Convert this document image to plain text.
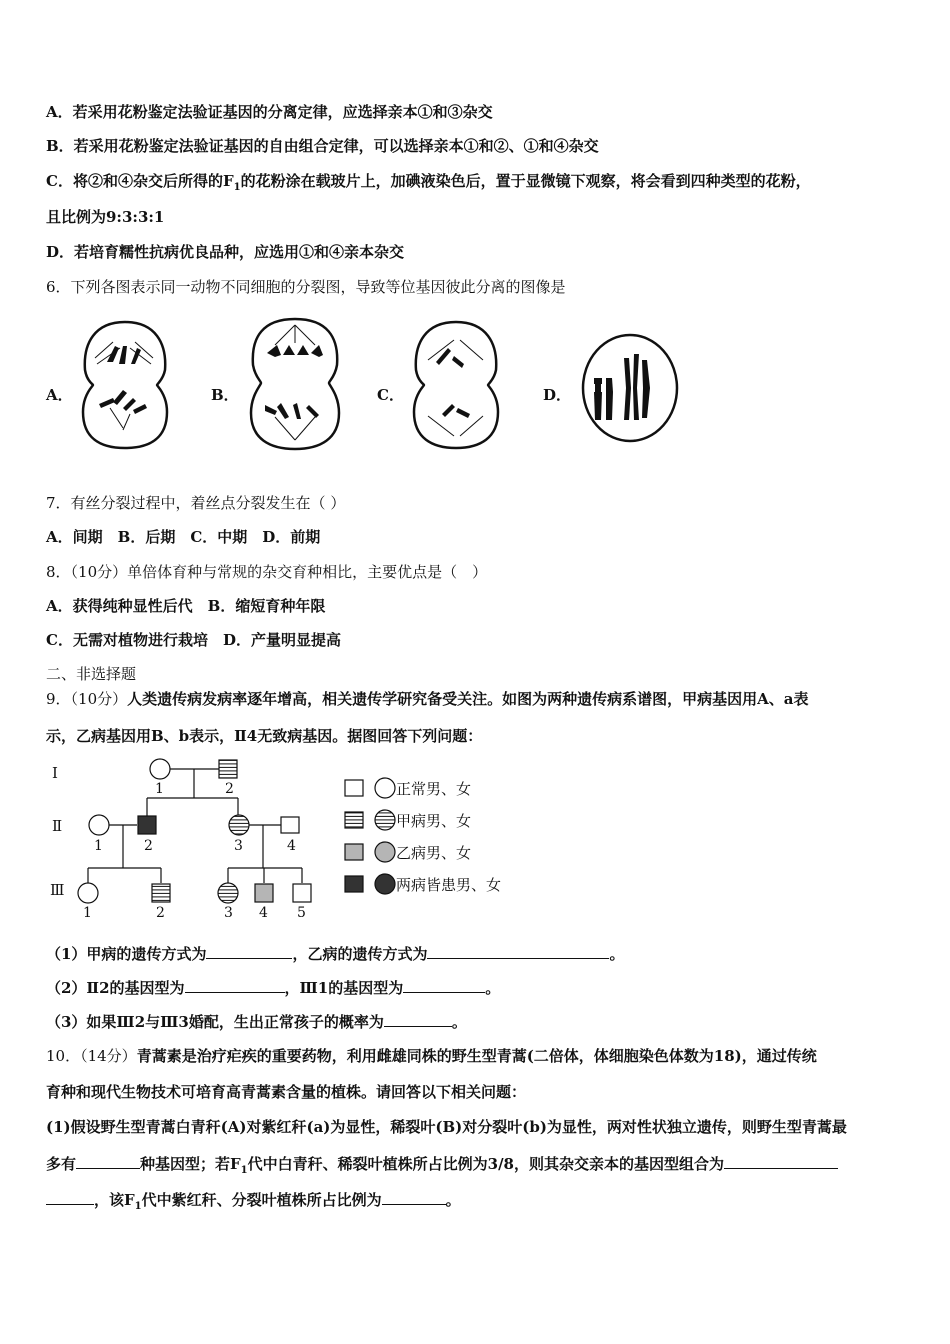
A．若采用花粉鉴定法验证基因的分离定律，应选择亲本①和③杂交
B．若采用花粉鉴定法验证基因的自由组合定律，可以选择亲本①和②、①和④杂交
C．将②和④杂交后所得的$F_1$的花粉涂在载玻片上，加碘液染色后，置于显微镜下观察，将会看到四种类型的花粉，
且比例为9:3:3:1
D．若培育糯性抗病优良品种，应选用①和④亲本杂交
6．下列各图表示同一动物不同细胞的分裂图，导致等位基因彼此分离的图像是
A．	B．	C．	D．
7．有丝分裂过程中，着丝点分裂发生在（ ）
A．间期　B．后期　C．中期　D．前期
8．（10分）单倍体育种与常规的杂交育种相比，主要优点是（　）
A．获得纯种显性后代　B．缩短育种年限
C．无需对植物进行栽培　D．产量明显提高
二、非选择题
9．（10分）人类遗传病发病率逐年增高，相关遗传学研究备受关注。如图为两种遗传病系谱图，甲病基因用A、a表
示，乙病基因用B、b表示，Ⅱ4无致病基因。据图回答下列问题：
Ⅰ
Ⅱ
Ⅲ
1	2
1	2	3	4
1	2	3 4 5
正常男、女
甲病男、女
乙病男、女
两病皆患男、女
（1）甲病的遗传方式为	，乙病的遗传方式为	。
（2）Ⅱ2的基因型为	，Ⅲ1的基因型为	。
（3）如果Ⅲ2与Ⅲ3婚配，生出正常孩子的概率为	。
10．（14分）青蒿素是治疗疟疾的重要药物，利用雌雄同株的野生型青蒿(二倍体，体细胞染色体数为18)，通过传统
育种和现代生物技术可培育高青蒿素含量的植株。请回答以下相关问题：
(1)假设野生型青蒿白青秆(A)对紫红秆(a)为显性，稀裂叶(B)对分裂叶(b)为显性，两对性状独立遗传，则野生型青蒿最
多有	种基因型；若$F_1$代中白青秆、稀裂叶植株所占比例为3/8，则其杂交亲本的基因型组合为
，该$F_1$代中紫红秆、分裂叶植株所占比例为	。
